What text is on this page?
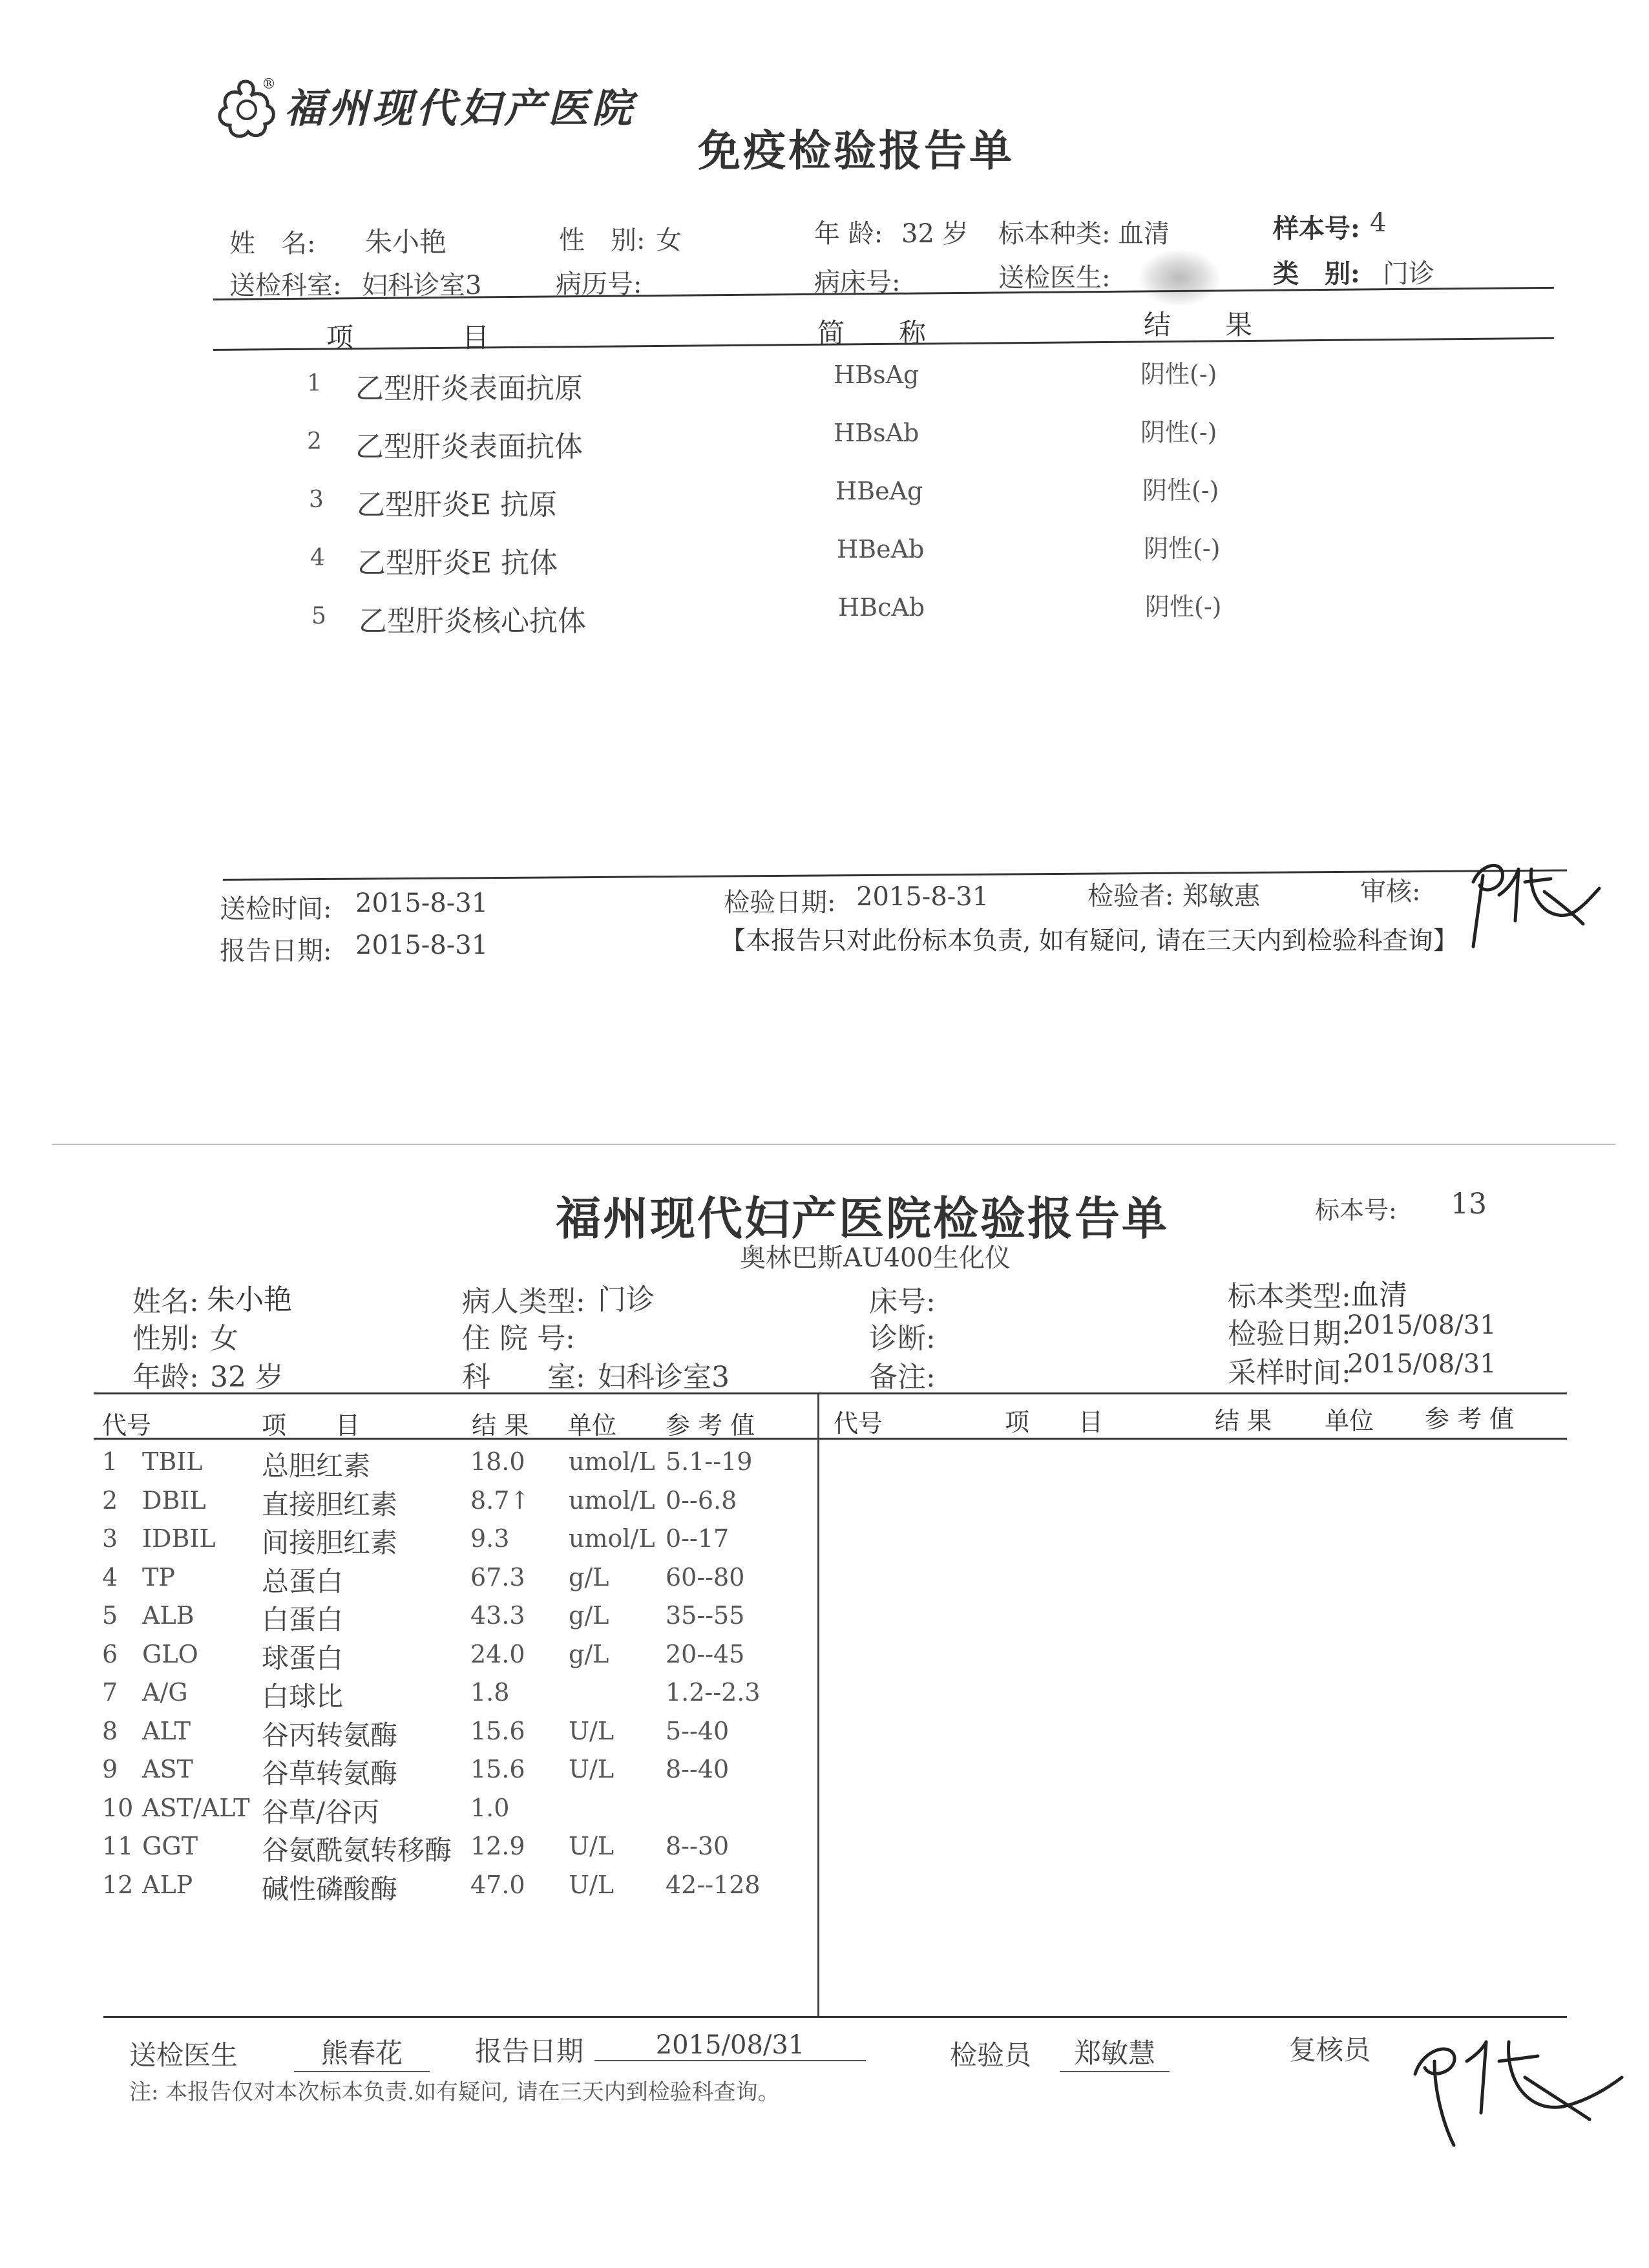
®
福州现代妇产医院
免疫检验报告单
姓　名: 朱小艳	性　别: 女	年 龄: 32 岁 标本种类: 血清	样本号: 4
送检科室: 妇科诊室3	病历号:	病床号:	送检医生:	类　别: 门诊
项　　　　目	简　　称	结　　果
1 乙型肝炎表面抗原	HBsAg	阴性(-)
2 乙型肝炎表面抗体	HBsAb	阴性(-)
3 乙型肝炎E 抗原	HBeAg	阴性(-)
4 乙型肝炎E 抗体	HBeAb	阴性(-)
5 乙型肝炎核心抗体	HBcAb	阴性(-)
送检时间: 2015-8-31	检验日期: 2015-8-31	检验者: 郑敏惠	审核:
报告日期: 2015-8-31	【本报告只对此份标本负责, 如有疑问, 请在三天内到检验科查询】
福州现代妇产医院检验报告单	标本号: 13
奥林巴斯AU400生化仪
姓名: 朱小艳
性别: 女
年龄: 32 岁
病人类型: 门诊
住 院 号:
科　　室: 妇科诊室3
床号:
诊断:
备注:
标本类型: 血清
检验日期:
2015/08/31
采样时间:
2015/08/31
代号	项　　目	结 果 单位 参 考 值	代号	项　　目	结 果 单位 参 考 值
1 TBIL 总胆红素	18.0 umol/L 5.1--19
2 DBIL 直接胆红素	8.7↑ umol/L 0--6.8
3 IDBIL 间接胆红素	9.3 umol/L 0--17
4 TP	总蛋白	67.3 g/L 60--80
5 ALB 白蛋白	43.3 g/L 35--55
6 GLO 球蛋白	24.0 g/L 20--45
7 A/G	白球比	1.8	1.2--2.3
8 ALT	谷丙转氨酶	15.6 U/L 5--40
9 AST	谷草转氨酶	15.6 U/L 8--40
10 AST/ALT 谷草/谷丙	1.0
11 GGT 谷氨酰氨转移酶 12.9 U/L 8--30
12 ALP	碱性磷酸酶	47.0 U/L 42--128
送检医生	熊春花	报告日期	2015/08/31	检验员	郑敏慧	复核员
注: 本报告仅对本次标本负责.如有疑问, 请在三天内到检验科查询。
